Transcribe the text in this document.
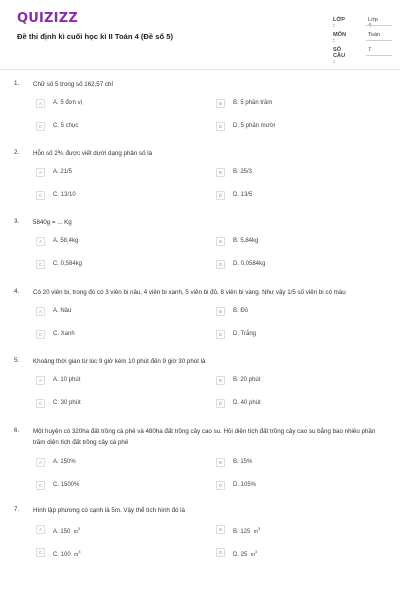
QUIZIZZ
Đề thi định kì cuối học kì II Toán 4 (Đề số 5)
LỚP :
Lớp 4
MÔN :
Toán
SỐ CÂU :
7
1. Chữ số 5 trong số 162,57 chỉ
A	A. 5 đơn vị	B	B. 5 phần trăm
C	C. 5 chục	D	D. 5 phần mười
2. Hỗn số 2⅗ được viết dưới dạng phân số là
A	A. 21/5	B	B. 25/3
C	C. 13/10	D	D. 13/5
3. 5840g = ... Kg
A	A. 58,4kg	B	B. 5,84kg
C	C. 0,584kg	D	D. 0,0584kg
4. Có 20 viên bi, trong đó có 3 viên bi nâu, 4 viên bi xanh, 5 viên bi đỏ, 8 viên bi vàng. Như vậy 1/5 số viên bi có màu
A	A. Nâu	B	B. Đỏ
C	C. Xanh	D	D. Trắng
5. Khoảng thời gian từ lúc 9 giờ kém 10 phút đến 9 giờ 30 phút là
A	A. 10 phút	B	B. 20 phút
C	C. 30 phút	D	D. 40 phút
6. Một huyện có 320ha đất trồng cà phê và 480ha đất trồng cây cao su. Hỏi diện tích đất trồng cây cao su bằng bao nhiêu phần trăm diện tích đất trồng cây cà phê
A	A. 150%	B	B. 15%
C	C. 1500%	D	D. 105%
7. Hình lập phương có cạnh là 5m. Vậy thể tích hình đó là
A	A. 150 $m^3$	B	B. 125 $m^3$
C	C. 100 $m^3$	D	D. 25 $m^3$
